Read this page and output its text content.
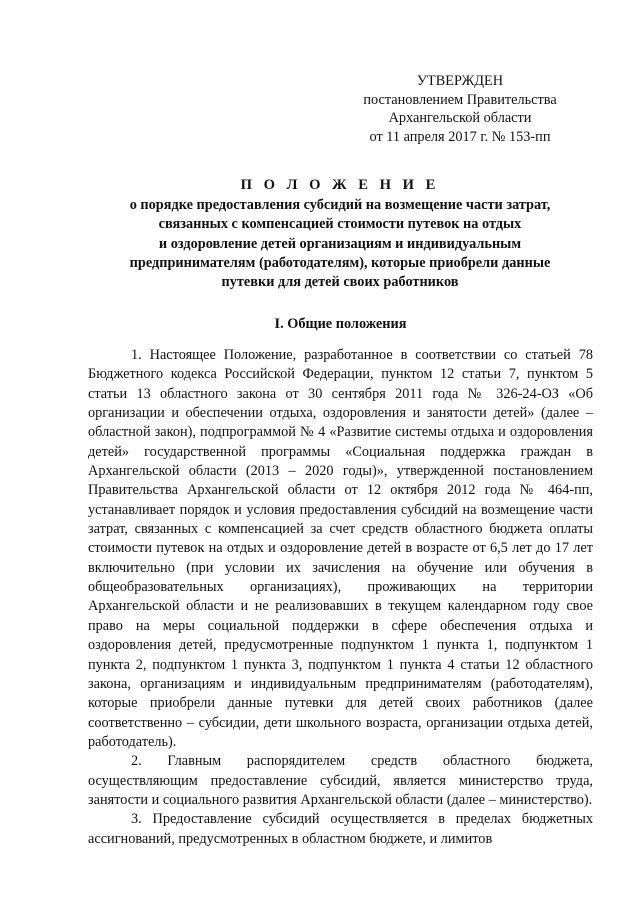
УТВЕРЖДЕН
постановлением Правительства
Архангельской области
от 11 апреля 2017 г. № 153-пп
П О Л О Ж Е Н И Е
о порядке предоставления субсидий на возмещение части затрат,
связанных с компенсацией стоимости путевок на отдых
и оздоровление детей организациям и индивидуальным
предпринимателям (работодателям), которые приобрели данные
путевки для детей своих работников
I. Общие положения

1. Настоящее Положение, разработанное в соответствии со статьей 78 Бюджетного кодекса Российской Федерации, пунктом 12 статьи 7, пунктом 5 статьи 13 областного закона от 30 сентября 2011 года № 326-24-ОЗ «Об организации и обеспечении отдыха, оздоровления и занятости детей» (далее – областной закон), подпрограммой № 4 «Развитие системы отдыха и оздоровления детей» государственной программы «Социальная поддержка граждан в Архангельской области (2013 – 2020 годы)», утвержденной постановлением Правительства Архангельской области от 12 октября 2012 года № 464-пп, устанавливает порядок и условия предоставления субсидий на возмещение части затрат, связанных с компенсацией за счет средств областного бюджета оплаты стоимости путевок на отдых и оздоровление детей в возрасте от 6,5 лет до 17 лет включительно (при условии их зачисления на обучение или обучения в общеобразовательных организациях), проживающих на территории Архангельской области и не реализовавших в текущем календарном году свое право на меры социальной поддержки в сфере обеспечения отдыха и оздоровления детей, предусмотренные подпунктом 1 пункта 1, подпунктом 1 пункта 2, подпунктом 1 пункта 3, подпунктом 1 пункта 4 статьи 12 областного закона, организациям и индивидуальным предпринимателям (работодателям), которые приобрели данные путевки для детей своих работников (далее соответственно – субсидии, дети школьного возраста, организации отдыха детей, работодатель).

2. Главным распорядителем средств областного бюджета, осуществляющим предоставление субсидий, является министерство труда, занятости и социального развития Архангельской области (далее – министерство).

3. Предоставление субсидий осуществляется в пределах бюджетных ассигнований, предусмотренных в областном бюджете, и лимитов
